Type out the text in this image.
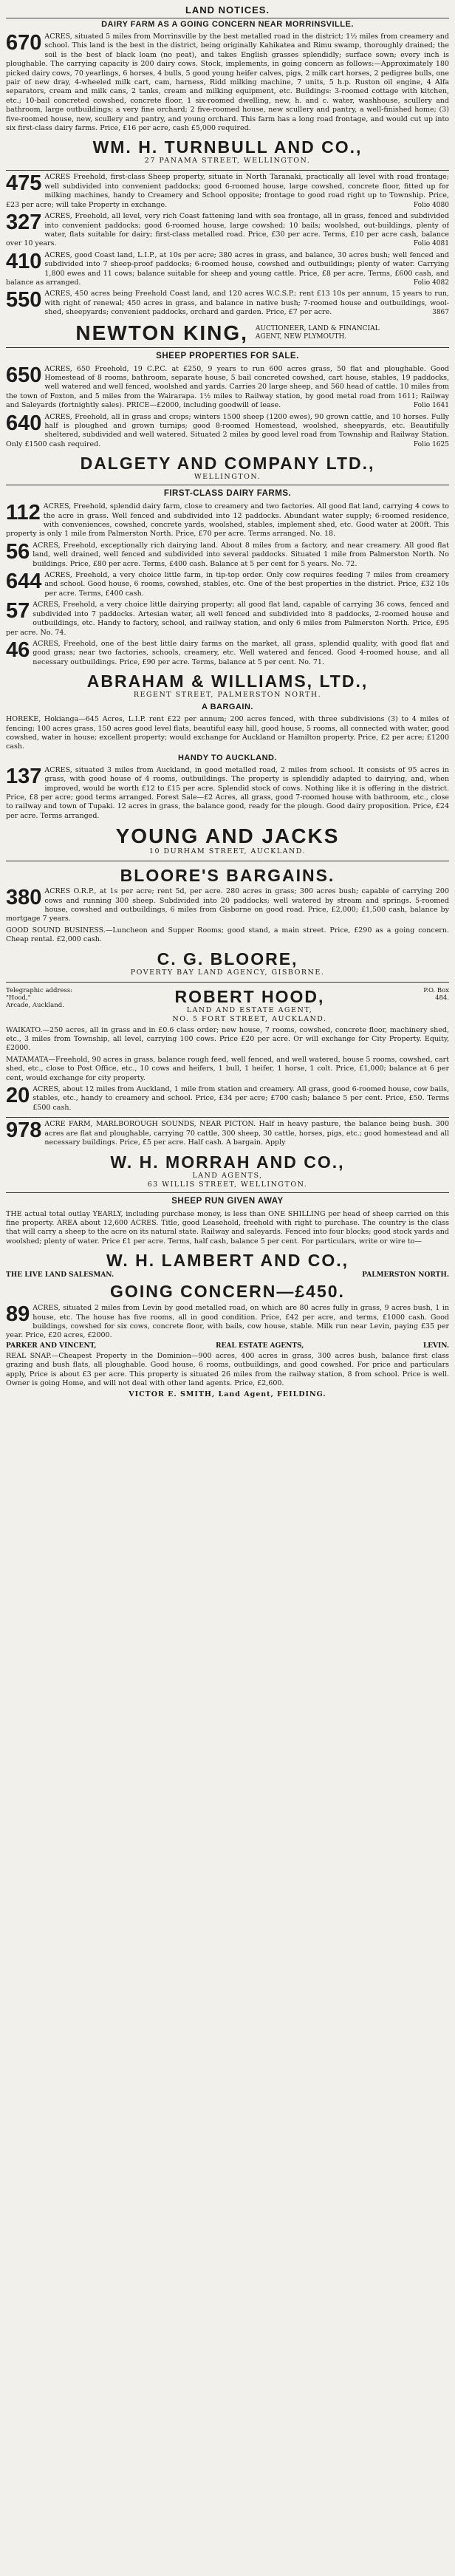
LAND NOTICES.
DAIRY FARM AS A GOING CONCERN NEAR MORRINSVILLE.
670 ACRES, situated 5 miles from Morrinsville by the best metalled road in the district; 1½ miles from creamery and school. This land is the best in the district, being originally Kahikatea and Rimu swamp, thoroughly drained; the soil is the best of black loam (no peat), and takes English grasses splendidly; surface sown; every inch is ploughable. The carrying capacity is 200 dairy cows. Stock, implements, in going concern as follows:—Approximately 180 picked dairy cows, 70 yearlings, 6 horses, 4 bulls, 5 good young heifer calves, pigs, 2 milk cart horses, 2 pedigree bulls, one pair of new dray, 4-wheeled milk cart, cam, harness, Ridd milking machine, 7 units, 5 h.p. Ruston oil engine, 4 Alfa separators, cream and milk cans, 2 tanks, cream and milking equipment, etc. Buildings: 3-roomed cottage with kitchen, etc.; 10-bail concreted cowshed, concrete floor, 1 six-roomed dwelling, new, h. and c. water, washhouse, scullery and bathroom, large outbuildings; a very fine orchard; 2 five-roomed house, new scullery and pantry, a well-finished home; (3) five-roomed house, new, scullery and pantry, and young orchard. This farm has a long road frontage, and would cut up into six first-class dairy farms. Price, £16 per acre, cash £5,000 required.
WM. H. TURNBULL AND CO.,
27 PANAMA STREET, WELLINGTON.
475 ACRES Freehold, first-class Sheep property, situate in North Taranaki, practically all level with road frontage; well subdivided into convenient paddocks; good 6-roomed house, large cowshed, concrete floor, fitted up for milking machines, handy to Creamery and School opposite; frontage to good road right up to Township. Price, £23 per acre; will take Property in exchange.	Folio 4080
327 ACRES, Freehold, all level, very rich Coast fattening land with sea frontage, all in grass, fenced and subdivided into convenient paddocks; good 6-roomed house, large cowshed; 10 bails; woolshed, out-buildings, plenty of water, flats suitable for dairy; first-class metalled road. Price, £30 per acre. Terms, £10 per acre cash, balance over 10 years.	Folio 4081
410 ACRES, good Coast land, L.I.P., at 10s per acre; 380 acres in grass, and balance, 30 acres bush; well fenced and subdivided into 7 sheep-proof paddocks; 6-roomed house, cowshed and outbuildings; plenty of water. Carrying 1,800 ewes and 11 cows; balance suitable for sheep and young cattle. Price, £8 per acre. Terms, £600 cash, and balance as arranged.	Folio 4082
550 ACRES, 450 acres being Freehold Coast land, and 120 acres W.C.S.P.; rent £13 10s per annum, 15 years to run, with right of renewal; 450 acres in grass, and balance in native bush; 7-roomed house and outbuildings, wool-shed, sheepyards; convenient paddocks, orchard and garden. Price, £7 per acre.	3867
NEWTON KING, AUCTIONEER, LAND & FINANCIAL
AGENT, NEW PLYMOUTH.
SHEEP PROPERTIES FOR SALE.
650 ACRES, 650 Freehold, 19 C.P.C. at £250, 9 years to run 600 acres grass, 50 flat and ploughable. Good Homestead of 8 rooms, bathroom, separate house, 5 bail concreted cowshed, cart house, stables, 19 paddocks, well watered and well fenced, woolshed and yards. Carries 20 large sheep, and 560 head of cattle. 10 miles from the town of Foxton, and 5 miles from the Wairarapa. 1½ miles to Railway station, by good metal road from 1611; Railway and Saleyards (fortnightly sales). PRICE—£2000, including goodwill of lease.	Folio 1641
640 ACRES, Freehold, all in grass and crops; winters 1500 sheep (1200 ewes), 90 grown cattle, and 10 horses. Fully half is ploughed and grown turnips; good 8-roomed Homestead, woolshed, sheepyards, etc. Beautifully sheltered, subdivided and well watered. Situated 2 miles by good level road from Township and Railway Station. Only £1500 cash required.	Folio 1625
DALGETY AND COMPANY LTD.,
WELLINGTON.
FIRST-CLASS DAIRY FARMS.
112 ACRES, Freehold, splendid dairy farm, close to creamery and two factories. All good flat land, carrying 4 cows to the acre in grass. Well fenced and subdivided into 12 paddocks. Abundant water supply; 6-roomed residence, with conveniences, cowshed, concrete yards, woolshed, stables, implement shed, etc. Good water at 200ft. This property is only 1 mile from Palmerston North. Price, £70 per acre. Terms arranged. No. 18.
56 ACRES, Freehold, exceptionally rich dairying land. About 8 miles from a factory, and near creamery. All good flat land, well drained, well fenced and subdivided into several paddocks. Situated 1 mile from Palmerston North. No buildings. Price, £80 per acre. Terms, £400 cash. Balance at 5 per cent for 5 years. No. 72.
644 ACRES, Freehold, a very choice little farm, in tip-top order. Only cow requires feeding 7 miles from creamery and school. Good house, 6 rooms, cowshed, stables, etc. One of the best properties in the district. Price, £32 10s per acre. Terms, £400 cash.
57 ACRES, Freehold, a very choice little dairying property; all good flat land, capable of carrying 36 cows, fenced and subdivided into 7 paddocks. Artesian water, all well fenced and subdivided into 8 paddocks, 2-roomed house and outbuildings, etc. Handy to factory, school, and railway station, and only 6 miles from Palmerston North. Price, £95 per acre. No. 74.
46 ACRES, Freehold, one of the best little dairy farms on the market, all grass, splendid quality, with good flat and good grass; near two factories, schools, creamery, etc. Well watered and fenced. Good 4-roomed house, and all necessary outbuildings. Price, £90 per acre. Terms, balance at 5 per cent. No. 71.
ABRAHAM & WILLIAMS, LTD.,
REGENT STREET, PALMERSTON NORTH.
A BARGAIN.
HOREKE, Hokianga—645 Acres, L.I.P. rent £22 per annum; 200 acres fenced, with three subdivisions (3) to 4 miles of fencing; 100 acres grass, 150 acres good level flats, beautiful easy hill, good house, 5 rooms, all connected with water, good cowshed, water in house; excellent property; would exchange for Auckland or Hamilton property. Price, £2 per acre; £1200 cash.
HANDY TO AUCKLAND.
137 ACRES, situated 3 miles from Auckland, in good metalled road, 2 miles from school. It consists of 95 acres in grass, with good house of 4 rooms, outbuildings. The property is splendidly adapted to dairying, and, when improved, would be worth £12 to £15 per acre. Splendid stock of cows. Nothing like it is offering in the district. Price, £8 per acre; good terms arranged. Forest Sale—£2 Acres, all grass, good 7-roomed house with bathroom, etc., close to railway and town of Tupaki. 12 acres in grass, the balance good, ready for the plough. Good dairy proposition. Price, £24 per acre. Terms arranged.
YOUNG AND JACKS
10 DURHAM STREET, AUCKLAND.
BLOORE'S BARGAINS.
380 ACRES O.R.P., at 1s per acre; rent 5d, per acre. 280 acres in grass; 300 acres bush; capable of carrying 200 cows and running 300 sheep. Subdivided into 20 paddocks; well watered by stream and springs. 5-roomed house, cowshed and outbuildings, 6 miles from Gisborne on good road. Price, £2,000; £1,500 cash, balance by mortgage 7 years.
GOOD SOUND BUSINESS.—Luncheon and Supper Rooms; good stand, a main street. Price, £290 as a going concern. Cheap rental. £2,000 cash.
C. G. BLOORE,
POVERTY BAY LAND AGENCY, GISBORNE.
Telegraphic address: "Hood,"
Arcade, Auckland.	ROBERT HOOD,
LAND AND ESTATE AGENT,
NO. 5 FORT STREET, AUCKLAND.
P.O. Box
484.
WAIKATO.—250 acres, all in grass and in £0.6 class order; new house, 7 rooms, cowshed, concrete floor, machinery shed, etc., 3 miles from Township, all level, carrying 100 cows. Price £20 per acre. Or will exchange for City Property. Equity, £2000.
MATAMATA—Freehold, 90 acres in grass, balance rough feed, well fenced, and well watered, house 5 rooms, cowshed, cart shed, etc., close to Post Office, etc., 10 cows and heifers, 1 bull, 1 heifer, 1 horse, 1 colt. Price, £1,000; balance at 6 per cent, would exchange for city property.
20 ACRES, about 12 miles from Auckland, 1 mile from station and creamery. All grass, good 6-roomed house, cow bails, stables, etc., handy to creamery and school. Price, £34 per acre; £700 cash; balance 5 per cent. Price, £50. Terms £500 cash.
978 ACRE FARM, MARLBOROUGH SOUNDS, NEAR PICTON. Half in heavy pasture, the balance being bush. 300 acres are flat and ploughable, carrying 70 cattle, 300 sheep, 30 cattle, horses, pigs, etc.; good homestead and all necessary buildings. Price, £5 per acre. Half cash. A bargain. Apply
W. H. MORRAH AND CO.,
LAND AGENTS,
63 WILLIS STREET, WELLINGTON.
SHEEP RUN GIVEN AWAY
THE actual total outlay YEARLY, including purchase money, is less than ONE SHILLING per head of sheep carried on this fine property. AREA about 12,600 ACRES. Title, good Leasehold, freehold with right to purchase. The country is the class that will carry a sheep to the acre on its natural state. Railway and saleyards. Fenced into four blocks; good stock yards and woolshed; plenty of water. Price £1 per acre. Terms, half cash, balance 5 per cent. For particulars, write or wire to—
W. H. LAMBERT AND CO.,
THE LIVE LAND SALESMAN.	PALMERSTON NORTH.
GOING CONCERN—£450.
89 ACRES, situated 2 miles from Levin by good metalled road, on which are 80 acres fully in grass, 9 acres bush, 1 in house, etc. The house has five rooms, all in good condition. Price, £42 per acre, and terms, £1000 cash. Good buildings, cowshed for six cows, concrete floor, with bails, cow house, stable. Milk run near Levin, paying £35 per year. Price, £20 acres, £2000.
PARKER AND VINCENT,	REAL ESTATE AGENTS,	LEVIN.
REAL SNAP.—Cheapest Property in the Dominion—900 acres, 400 acres in grass, 300 acres bush, balance first class grazing and bush flats, all ploughable. Good house, 6 rooms, outbuildings, and good cowshed. For price and particulars apply, Price is about £3 per acre. This property is situated 26 miles from the railway station, 8 from school. Price is well. Owner is going Home, and will not deal with other land agents. Price, £2,600.
VICTOR E. SMITH, Land Agent, FEILDING.
